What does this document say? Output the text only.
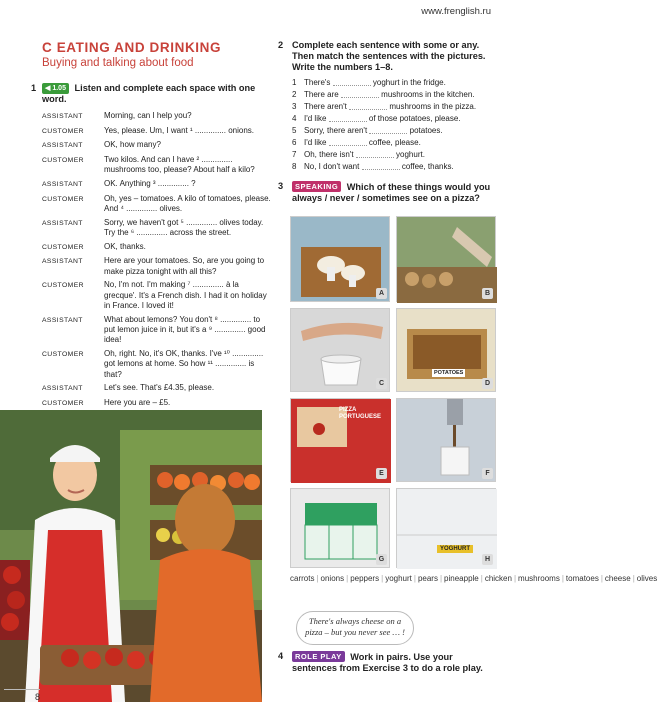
www.frenglish.ru
C EATING AND DRINKING
Buying and talking about food
1 ◀ 1.05 Listen and complete each space with one word.
ASSISTANT	Morning, can I help you?
CUSTOMER	Yes, please. Um, I want ¹ .............. onions.
ASSISTANT	OK, how many?
CUSTOMER	Two kilos. And can I have ² .............. mushrooms too, please? About half a kilo?
ASSISTANT	OK. Anything ³ .............. ?
CUSTOMER	Oh, yes – tomatoes. A kilo of tomatoes, please. And ⁴ .............. olives.
ASSISTANT	Sorry, we haven't got ⁵ .............. olives today. Try the ⁶ .............. across the street.
CUSTOMER	OK, thanks.
ASSISTANT	Here are your tomatoes. So, are you going to make pizza tonight with all this?
CUSTOMER	No, I'm not. I'm making ⁷ .............. à la grecque'. It's a French dish. I had it on holiday in France. I loved it!
ASSISTANT	What about lemons? You don't ⁸ .............. to put lemon juice in it, but it's a ⁹ .............. good idea!
CUSTOMER	Oh, right. No, it's OK, thanks. I've ¹⁰ .............. got lemons at home. So how ¹¹ .............. is that?
ASSISTANT	Let's see. That's £4.35, please.
CUSTOMER	Here you are – £5.
8
2 Complete each sentence with some or any. Then match the sentences with the pictures. Write the numbers 1–8.
1 There's	yoghurt in the fridge.
2 There are	mushrooms in the kitchen.
3 There aren't	mushrooms in the pizza.
4 I'd like	of those potatoes, please.
5 Sorry, there aren't	potatoes.
6 I'd like	coffee, please.
7 Oh, there isn't	yoghurt.
8 No, I don't want	coffee, thanks.
3 SPEAKING Which of these things would you always / never / sometimes see on a pizza?
A	B
C
POTATOES
D
PIZZA PORTUGUESE
E	F
G
YOGHURT
H
carrots | onions | peppers | yoghurt | pears | pineapple | chicken | mushrooms | tomatoes | cheese | olives
There's always cheese on a pizza – but you never see … !
4 ROLE PLAY Work in pairs. Use your sentences from Exercise 3 to do a role play.
